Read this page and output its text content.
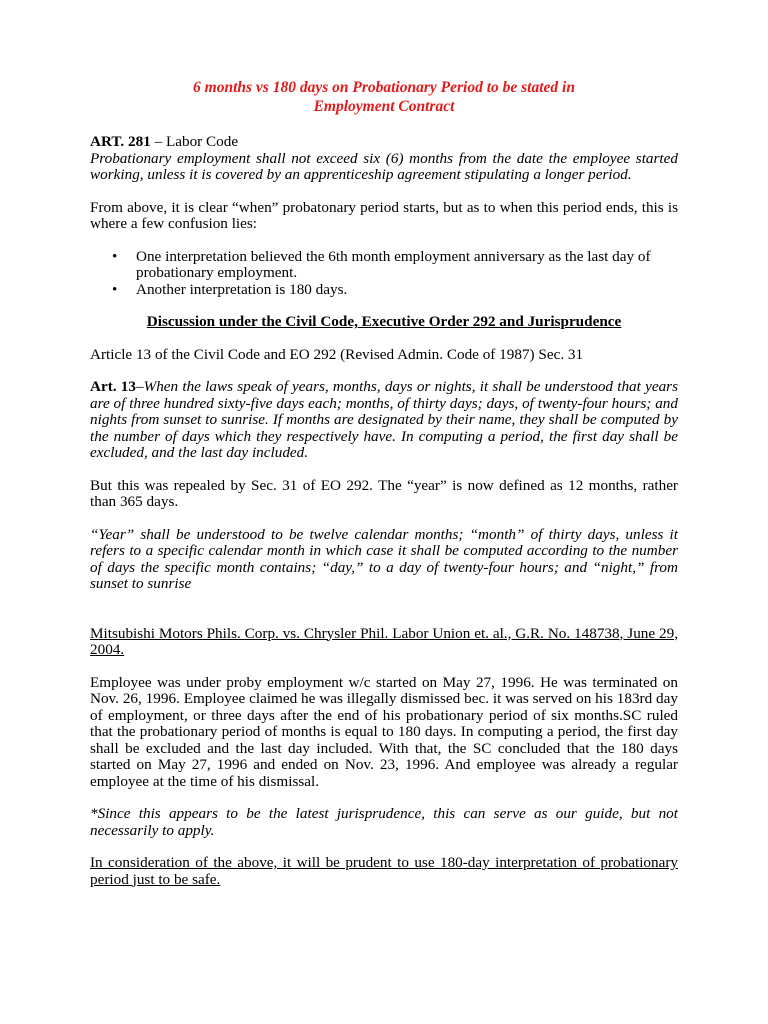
6 months vs 180 days on Probationary Period to be stated in
Employment Contract

ART. 281 – Labor Code

Probationary employment shall not exceed six (6) months from the date the employee started working, unless it is covered by an apprenticeship agreement stipulating a longer period.

From above, it is clear “when” probatonary period starts, but as to when this period ends, this is where a few confusion lies:

• One interpretation believed the 6th month employment anniversary as the last day of probationary employment.
• Another interpretation is 180 days.

Discussion under the Civil Code, Executive Order 292 and Jurisprudence

Article 13 of the Civil Code and EO 292 (Revised Admin. Code of 1987) Sec. 31

Art. 13–When the laws speak of years, months, days or nights, it shall be understood that years are of three hundred sixty-five days each; months, of thirty days; days, of twenty-four hours; and nights from sunset to sunrise. If months are designated by their name, they shall be computed by the number of days which they respectively have. In computing a period, the first day shall be excluded, and the last day included.

But this was repealed by Sec. 31 of EO 292. The “year” is now defined as 12 months, rather than 365 days.

“Year” shall be understood to be twelve calendar months; “month” of thirty days, unless it refers to a specific calendar month in which case it shall be computed according to the number of days the specific month contains; “day,” to a day of twenty-four hours; and “night,” from sunset to sunrise

Mitsubishi Motors Phils. Corp. vs. Chrysler Phil. Labor Union et. al., G.R. No. 148738, June 29, 2004.

Employee was under proby employment w/c started on May 27, 1996. He was terminated on Nov. 26, 1996. Employee claimed he was illegally dismissed bec. it was served on his 183rd day of employment, or three days after the end of his probationary period of six months.SC ruled that the probationary period of months is equal to 180 days. In computing a period, the first day shall be excluded and the last day included. With that, the SC concluded that the 180 days started on May 27, 1996 and ended on Nov. 23, 1996. And employee was already a regular employee at the time of his dismissal.

*Since this appears to be the latest jurisprudence, this can serve as our guide, but not necessarily to apply.

In consideration of the above, it will be prudent to use 180-day interpretation of probationary period just to be safe.
